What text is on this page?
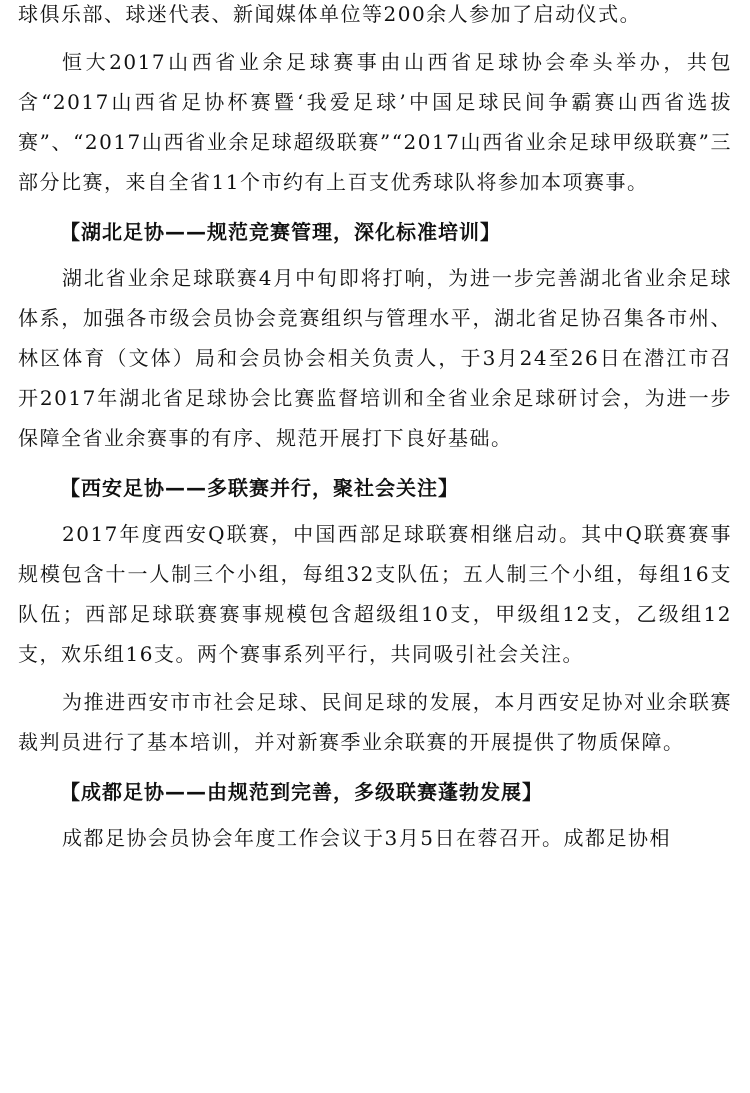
球俱乐部、球迷代表、新闻媒体单位等200余人参加了启动仪式。

恒大2017山西省业余足球赛事由山西省足球协会牵头举办，共包含“2017山西省足协杯赛暨‘我爱足球’中国足球民间争霸赛山西省选拔赛”、“2017山西省业余足球超级联赛”“2017山西省业余足球甲级联赛”三部分比赛，来自全省11个市约有上百支优秀球队将参加本项赛事。

【湖北足协——规范竞赛管理，深化标准培训】

湖北省业余足球联赛4月中旬即将打响，为进一步完善湖北省业余足球体系，加强各市级会员协会竞赛组织与管理水平，湖北省足协召集各市州、林区体育（文体）局和会员协会相关负责人，于3月24至26日在潜江市召开2017年湖北省足球协会比赛监督培训和全省业余足球研讨会，为进一步保障全省业余赛事的有序、规范开展打下良好基础。

【西安足协——多联赛并行，聚社会关注】

2017年度西安Q联赛，中国西部足球联赛相继启动。其中Q联赛赛事规模包含十一人制三个小组，每组32支队伍；五人制三个小组，每组16支队伍；西部足球联赛赛事规模包含超级组10支，甲级组12支，乙级组12支，欢乐组16支。两个赛事系列平行，共同吸引社会关注。

为推进西安市市社会足球、民间足球的发展，本月西安足协对业余联赛裁判员进行了基本培训，并对新赛季业余联赛的开展提供了物质保障。

【成都足协——由规范到完善，多级联赛蓬勃发展】

成都足协会员协会年度工作会议于3月5日在蓉召开。成都足协相
